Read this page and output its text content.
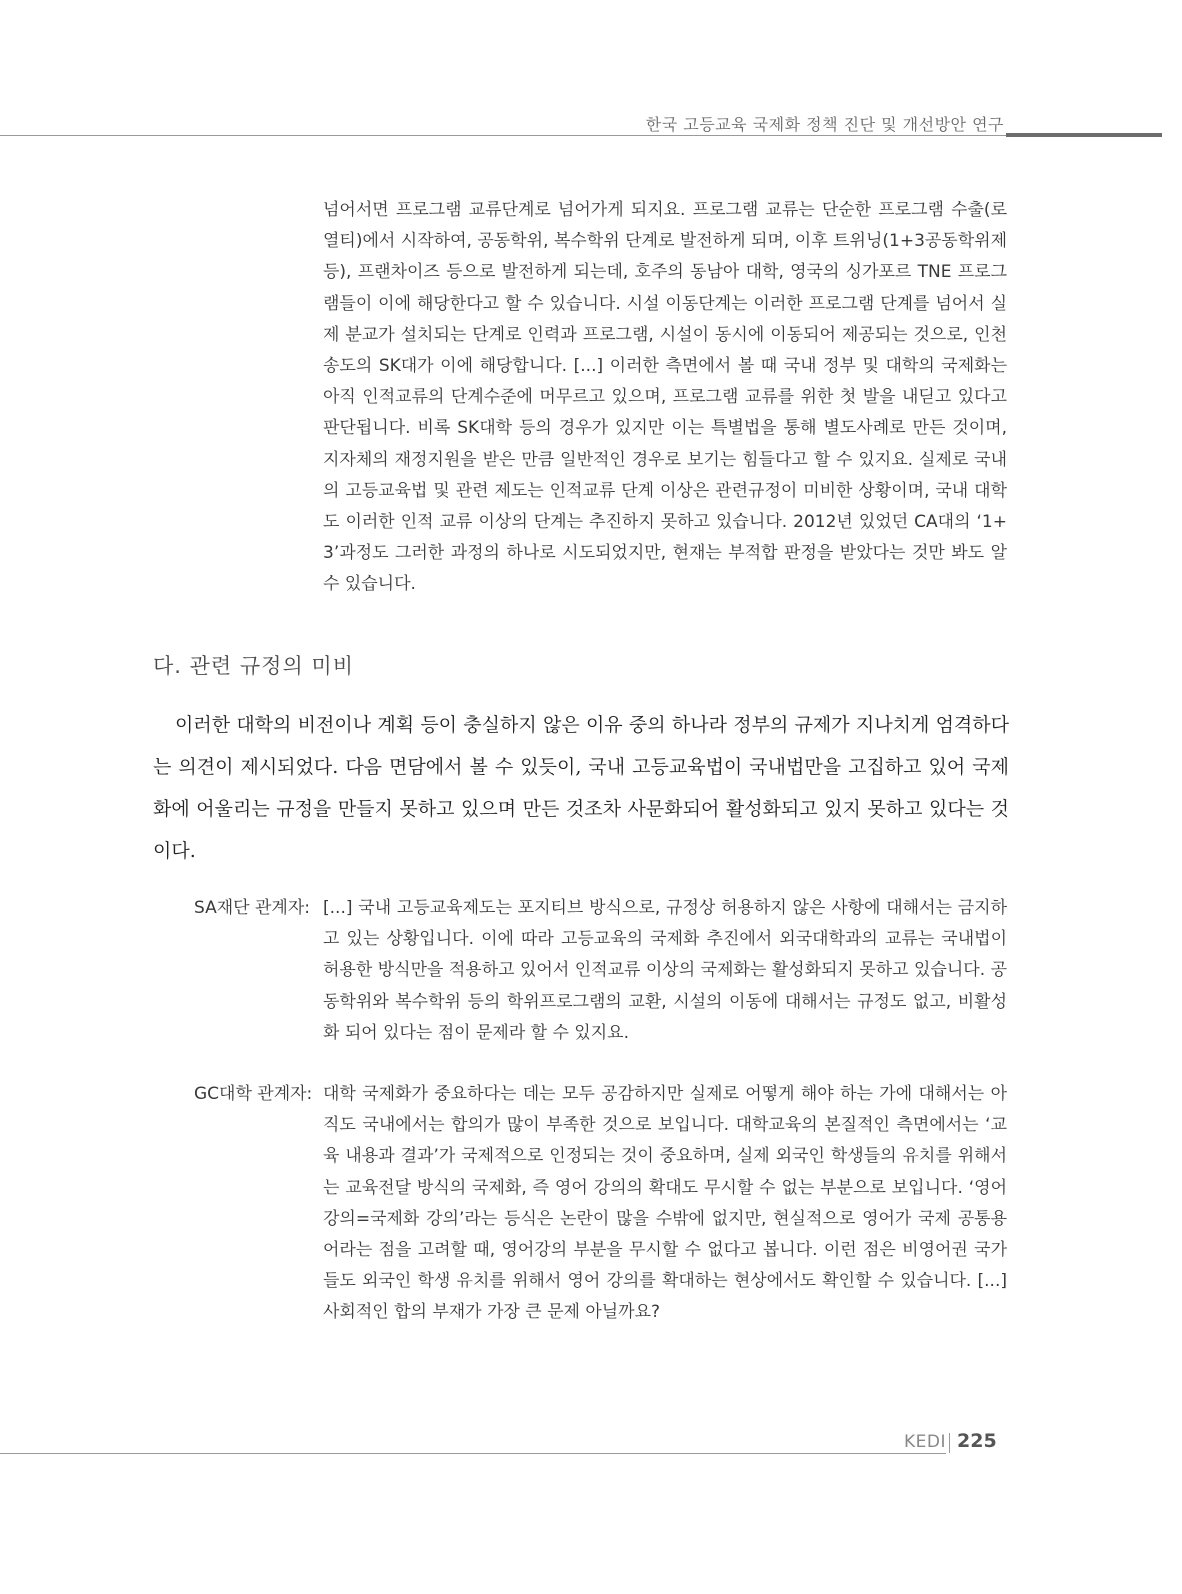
한국 고등교육 국제화 정책 진단 및 개선방안 연구
넘어서면 프로그램 교류단계로 넘어가게 되지요. 프로그램 교류는 단순한 프로그램 수출(로열티)에서 시작하여, 공동학위, 복수학위 단계로 발전하게 되며, 이후 트위닝(1+3공동학위제 등), 프랜차이즈 등으로 발전하게 되는데, 호주의 동남아 대학, 영국의 싱가포르 TNE 프로그램들이 이에 해당한다고 할 수 있습니다. 시설 이동단계는 이러한 프로그램 단계를 넘어서 실제 분교가 설치되는 단계로 인력과 프로그램, 시설이 동시에 이동되어 제공되는 것으로, 인천 송도의 SK대가 이에 해당합니다. [...] 이러한 측면에서 볼 때 국내 정부 및 대학의 국제화는 아직 인적교류의 단계수준에 머무르고 있으며, 프로그램 교류를 위한 첫 발을 내딛고 있다고 판단됩니다. 비록 SK대학 등의 경우가 있지만 이는 특별법을 통해 별도사례로 만든 것이며, 지자체의 재정지원을 받은 만큼 일반적인 경우로 보기는 힘들다고 할 수 있지요. 실제로 국내의 고등교육법 및 관련 제도는 인적교류 단계 이상은 관련규정이 미비한 상황이며, 국내 대학도 이러한 인적 교류 이상의 단계는 추진하지 못하고 있습니다. 2012년 있었던 CA대의 ‘1+3’과정도 그러한 과정의 하나로 시도되었지만, 현재는 부적합 판정을 받았다는 것만 봐도 알 수 있습니다.
다. 관련 규정의 미비
이러한 대학의 비전이나 계획 등이 충실하지 않은 이유 중의 하나라 정부의 규제가 지나치게 엄격하다는 의견이 제시되었다. 다음 면담에서 볼 수 있듯이, 국내 고등교육법이 국내법만을 고집하고 있어 국제화에 어울리는 규정을 만들지 못하고 있으며 만든 것조차 사문화되어 활성화되고 있지 못하고 있다는 것이다.
SA재단 관계자: [...] 국내 고등교육제도는 포지티브 방식으로, 규정상 허용하지 않은 사항에 대해서는 금지하고 있는 상황입니다. 이에 따라 고등교육의 국제화 추진에서 외국대학과의 교류는 국내법이 허용한 방식만을 적용하고 있어서 인적교류 이상의 국제화는 활성화되지 못하고 있습니다. 공동학위와 복수학위 등의 학위프로그램의 교환, 시설의 이동에 대해서는 규정도 없고, 비활성화 되어 있다는 점이 문제라 할 수 있지요.
GC대학 관계자: 대학 국제화가 중요하다는 데는 모두 공감하지만 실제로 어떻게 해야 하는 가에 대해서는 아직도 국내에서는 합의가 많이 부족한 것으로 보입니다. 대학교육의 본질적인 측면에서는 ‘교육 내용과 결과’가 국제적으로 인정되는 것이 중요하며, 실제 외국인 학생들의 유치를 위해서는 교육전달 방식의 국제화, 즉 영어 강의의 확대도 무시할 수 없는 부분으로 보입니다. ‘영어강의=국제화 강의’라는 등식은 논란이 많을 수밖에 없지만, 현실적으로 영어가 국제 공통용어라는 점을 고려할 때, 영어강의 부분을 무시할 수 없다고 봅니다. 이런 점은 비영어권 국가들도 외국인 학생 유치를 위해서 영어 강의를 확대하는 현상에서도 확인할 수 있습니다. [...] 사회적인 합의 부재가 가장 큰 문제 아닐까요?
KEDI 225
